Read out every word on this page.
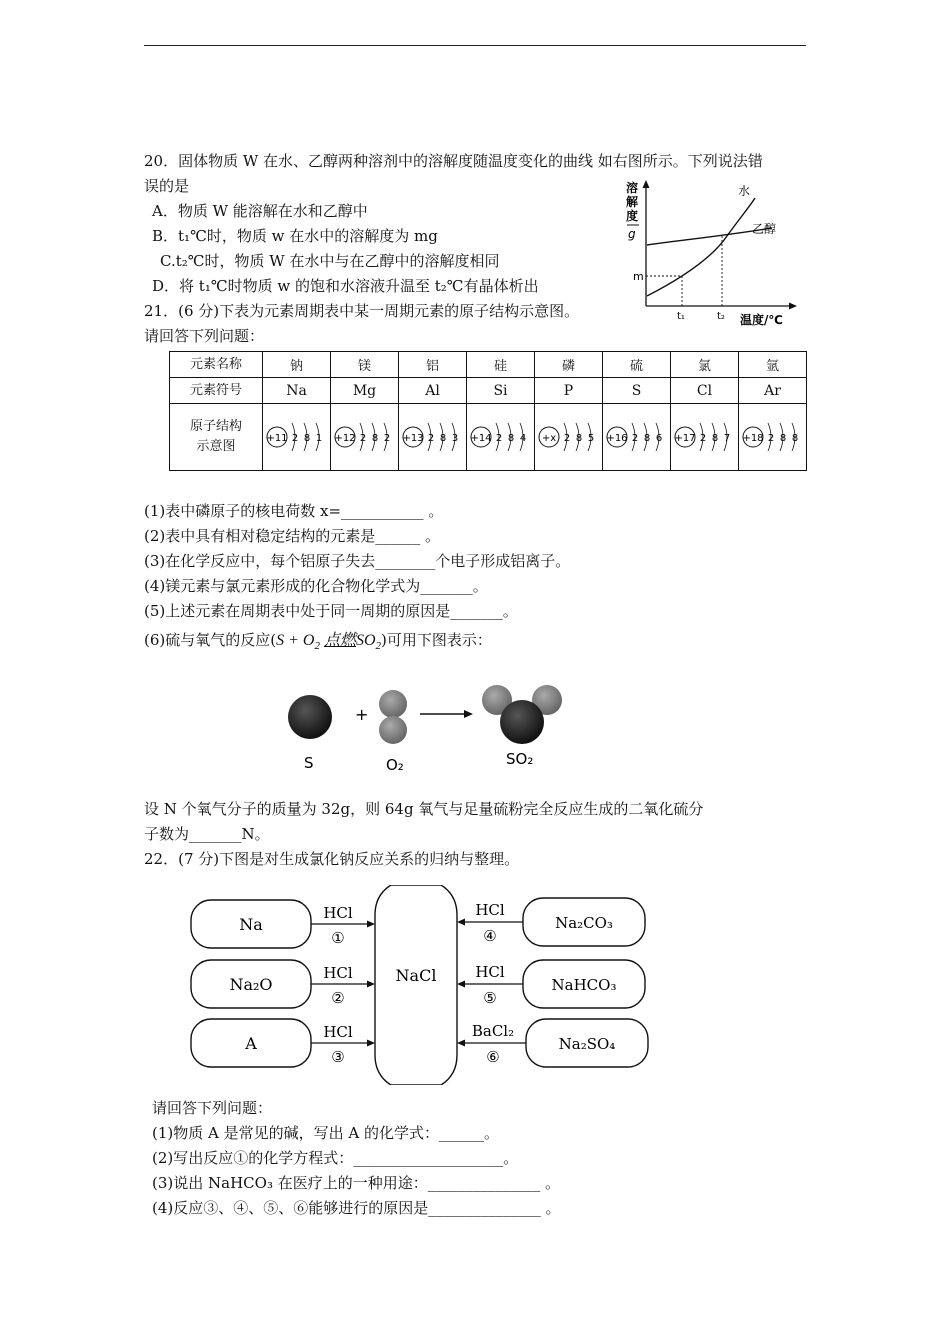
20．固体物质 W 在水、乙醇两种溶剂中的溶解度随温度变化的曲线 如右图所示。下列说法错
误的是
A．物质 W 能溶解在水和乙醇中
B．t₁℃时，物质 w 在水中的溶解度为 mg
C.t₂℃时，物质 W 在水中与在乙醇中的溶解度相同
D．将 t₁℃时物质 w 的饱和水溶液升温至 t₂℃有晶体析出
溶
解
度
g
水
乙醇
m
t₁	t₂ 温度/℃
21．(6 分)下表为元素周期表中某一周期元素的原子结构示意图。
请回答下列问题：
元素名称	钠	镁	铝	硅	磷	硫	氯	氩
元素符号	Na	Mg	Al	Si	P	S	Cl	Ar
原子结构
示意图	+11 2 8 1	+12 2 8 2	+13 2 8 3	+14 2 8 4	+x 2 8 5	+16 2 8 6	+17 2 8 7	+18 2 8 8
(1)表中磷原子的核电荷数 x=___________ 。
(2)表中具有相对稳定结构的元素是______ 。
(3)在化学反应中，每个铝原子失去________个电子形成铝离子。
(4)镁元素与氯元素形成的化合物化学式为_______。
(5)上述元素在周期表中处于同一周期的原因是_______。
(6)硫与氧气的反应($S + O_2$ 点燃$SO_2$)可用下图表示：
+
S	O₂	SO₂
设 N 个氧气分子的质量为 32g，则 64g 氧气与足量硫粉完全反应生成的二氧化硫分
子数为_______N。
22．(7 分)下图是对生成氯化钠反应关系的归纳与整理。
NaCl
Na
Na₂O
A
HCl
①
HCl
②
HCl
③
Na₂CO₃
NaHCO₃
Na₂SO₄
HCl
④
HCl
⑤
BaCl₂
⑥
请回答下列问题：
(1)物质 A 是常见的碱，写出 A 的化学式：______。
(2)写出反应①的化学方程式：____________________。
(3)说出 NaHCO₃ 在医疗上的一种用途：_______________ 。
(4)反应③、④、⑤、⑥能够进行的原因是_______________ 。
